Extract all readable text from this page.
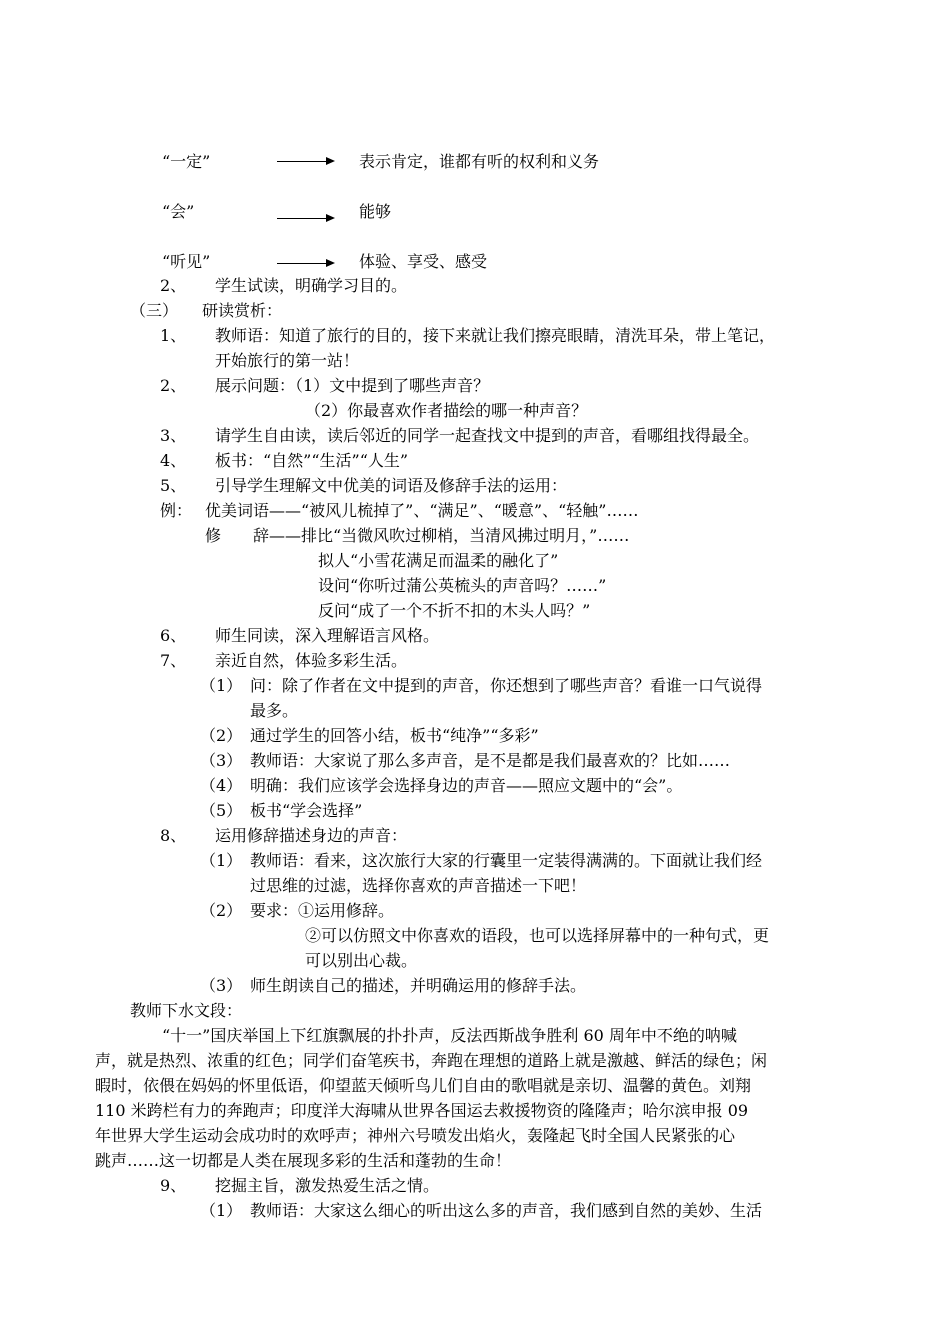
“一定”	表示肯定，谁都有听的权利和义务
“会”	能够
“听见”	体验、享受、感受
2、 学生试读，明确学习目的。
（三）　　研读赏析：
1、 教师语：知道了旅行的目的，接下来就让我们擦亮眼睛，清洗耳朵，带上笔记，
开始旅行的第一站！
2、 展示问题：（1）文中提到了哪些声音？
（2）你最喜欢作者描绘的哪一种声音？
3、 请学生自由读，读后邻近的同学一起查找文中提到的声音，看哪组找得最全。
4、 板书：“自然”“生活”“人生”
5、 引导学生理解文中优美的词语及修辞手法的运用：
例： 优美词语——“被风儿梳掉了”、“满足”、“暖意”、“轻触”……
修　　辞——排比“当微风吹过柳梢，当清风拂过明月，”……
拟人“小雪花满足而温柔的融化了”
设问“你听过蒲公英梳头的声音吗？……”
反问“成了一个不折不扣的木头人吗？”
6、 师生同读，深入理解语言风格。
7、 亲近自然，体验多彩生活。
（1） 问：除了作者在文中提到的声音，你还想到了哪些声音？看谁一口气说得
最多。
（2） 通过学生的回答小结，板书“纯净”“多彩”
（3） 教师语：大家说了那么多声音，是不是都是我们最喜欢的？比如……
（4） 明确：我们应该学会选择身边的声音——照应文题中的“会”。
（5） 板书“学会选择”
8、 运用修辞描述身边的声音：
（1） 教师语：看来，这次旅行大家的行囊里一定装得满满的。下面就让我们经
过思维的过滤，选择你喜欢的声音描述一下吧！
（2） 要求：①运用修辞。
②可以仿照文中你喜欢的语段，也可以选择屏幕中的一种句式，更
可以别出心裁。
（3） 师生朗读自己的描述，并明确运用的修辞手法。
教师下水文段：
“十一”国庆举国上下红旗飘展的扑扑声，反法西斯战争胜利 60 周年中不绝的呐喊
声，就是热烈、浓重的红色；同学们奋笔疾书，奔跑在理想的道路上就是激越、鲜活的绿色；闲
暇时，依偎在妈妈的怀里低语，仰望蓝天倾听鸟儿们自由的歌唱就是亲切、温馨的黄色。刘翔
110 米跨栏有力的奔跑声；印度洋大海啸从世界各国运去救援物资的隆隆声；哈尔滨申报 09
年世界大学生运动会成功时的欢呼声；神州六号喷发出焰火，轰隆起飞时全国人民紧张的心
跳声……这一切都是人类在展现多彩的生活和蓬勃的生命！
9、 挖掘主旨，激发热爱生活之情。
（1） 教师语：大家这么细心的听出这么多的声音，我们感到自然的美妙、生活
